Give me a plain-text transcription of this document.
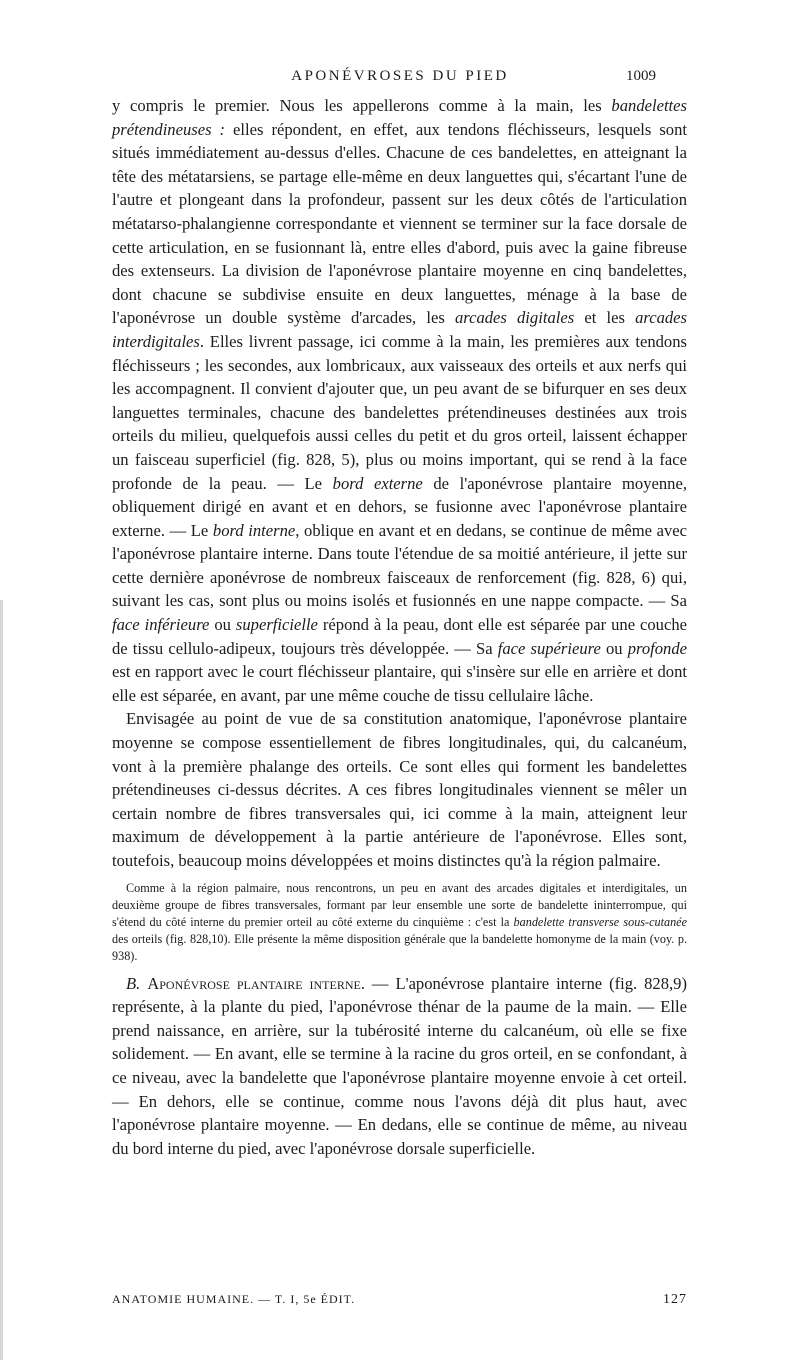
APONÉVROSES DU PIED	1009

y compris le premier. Nous les appellerons comme à la main, les bandelettes prétendineuses : elles répondent, en effet, aux tendons fléchisseurs, lesquels sont situés immédiatement au-dessus d'elles. Chacune de ces bandelettes, en atteignant la tête des métatarsiens, se partage elle-même en deux languettes qui, s'écartant l'une de l'autre et plongeant dans la profondeur, passent sur les deux côtés de l'articulation métatarso-phalangienne correspondante et viennent se terminer sur la face dorsale de cette articulation, en se fusionnant là, entre elles d'abord, puis avec la gaine fibreuse des extenseurs. La division de l'aponévrose plantaire moyenne en cinq bandelettes, dont chacune se subdivise ensuite en deux languettes, ménage à la base de l'aponévrose un double système d'arcades, les arcades digitales et les arcades interdigitales. Elles livrent passage, ici comme à la main, les premières aux tendons fléchisseurs ; les secondes, aux lombricaux, aux vaisseaux des orteils et aux nerfs qui les accompagnent. Il convient d'ajouter que, un peu avant de se bifurquer en ses deux languettes terminales, chacune des bandelettes prétendineuses destinées aux trois orteils du milieu, quelquefois aussi celles du petit et du gros orteil, laissent échapper un faisceau superficiel (fig. 828, 5), plus ou moins important, qui se rend à la face profonde de la peau. — Le bord externe de l'aponévrose plantaire moyenne, obliquement dirigé en avant et en dehors, se fusionne avec l'aponévrose plantaire externe. — Le bord interne, oblique en avant et en dedans, se continue de même avec l'aponévrose plantaire interne. Dans toute l'étendue de sa moitié antérieure, il jette sur cette dernière aponévrose de nombreux faisceaux de renforcement (fig. 828, 6) qui, suivant les cas, sont plus ou moins isolés et fusionnés en une nappe compacte. — Sa face inférieure ou superficielle répond à la peau, dont elle est séparée par une couche de tissu cellulo-adipeux, toujours très développée. — Sa face supérieure ou profonde est en rapport avec le court fléchisseur plantaire, qui s'insère sur elle en arrière et dont elle est séparée, en avant, par une même couche de tissu cellulaire lâche.

Envisagée au point de vue de sa constitution anatomique, l'aponévrose plantaire moyenne se compose essentiellement de fibres longitudinales, qui, du calcanéum, vont à la première phalange des orteils. Ce sont elles qui forment les bandelettes prétendineuses ci-dessus décrites. A ces fibres longitudinales viennent se mêler un certain nombre de fibres transversales qui, ici comme à la main, atteignent leur maximum de développement à la partie antérieure de l'aponévrose. Elles sont, toutefois, beaucoup moins développées et moins distinctes qu'à la région palmaire.

Comme à la région palmaire, nous rencontrons, un peu en avant des arcades digitales et interdigitales, un deuxième groupe de fibres transversales, formant par leur ensemble une sorte de bandelette ininterrompue, qui s'étend du côté interne du premier orteil au côté externe du cinquième : c'est la bandelette transverse sous-cutanée des orteils (fig. 828,10). Elle présente la même disposition générale que la bandelette homonyme de la main (voy. p. 938).

B. Aponévrose plantaire interne. — L'aponévrose plantaire interne (fig. 828,9) représente, à la plante du pied, l'aponévrose thénar de la paume de la main. — Elle prend naissance, en arrière, sur la tubérosité interne du calcanéum, où elle se fixe solidement. — En avant, elle se termine à la racine du gros orteil, en se confondant, à ce niveau, avec la bandelette que l'aponévrose plantaire moyenne envoie à cet orteil. — En dehors, elle se continue, comme nous l'avons déjà dit plus haut, avec l'aponévrose plantaire moyenne. — En dedans, elle se continue de même, au niveau du bord interne du pied, avec l'aponévrose dorsale superficielle.

ANATOMIE HUMAINE. — T. I, 5e ÉDIT.	127
